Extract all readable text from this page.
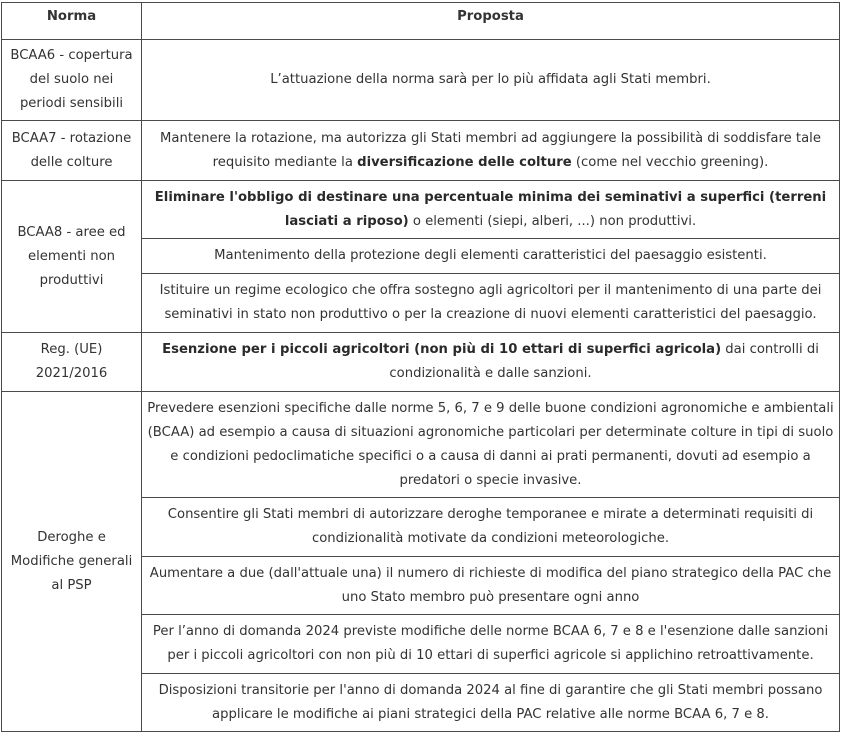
Norma	Proposta
BCAA6 - copertura del suolo nei periodi sensibili	L’attuazione della norma sarà per lo più affidata agli Stati membri.
BCAA7 - rotazione delle colture	Mantenere la rotazione, ma autorizza gli Stati membri ad aggiungere la possibilità di soddisfare tale requisito mediante la diversificazione delle colture (come nel vecchio greening).
BCAA8 - aree ed elementi non produttivi	Eliminare l'obbligo di destinare una percentuale minima dei seminativi a superfici (terreni lasciati a riposo) o elementi (siepi, alberi, ...) non produttivi.
	Mantenimento della protezione degli elementi caratteristici del paesaggio esistenti.
	Istituire un regime ecologico che offra sostegno agli agricoltori per il mantenimento di una parte dei seminativi in stato non produttivo o per la creazione di nuovi elementi caratteristici del paesaggio.
Reg. (UE) 2021/2016	Esenzione per i piccoli agricoltori (non più di 10 ettari di superfici agricola) dai controlli di condizionalità e dalle sanzioni.
Deroghe e Modifiche generali al PSP	Prevedere esenzioni specifiche dalle norme 5, 6, 7 e 9 delle buone condizioni agronomiche e ambientali (BCAA) ad esempio a causa di situazioni agronomiche particolari per determinate colture in tipi di suolo e condizioni pedoclimatiche specifici o a causa di danni ai prati permanenti, dovuti ad esempio a predatori o specie invasive.
	Consentire gli Stati membri di autorizzare deroghe temporanee e mirate a determinati requisiti di condizionalità motivate da condizioni meteorologiche.
	Aumentare a due (dall'attuale una) il numero di richieste di modifica del piano strategico della PAC che uno Stato membro può presentare ogni anno
	Per l’anno di domanda 2024 previste modifiche delle norme BCAA 6, 7 e 8 e l'esenzione dalle sanzioni per i piccoli agricoltori con non più di 10 ettari di superfici agricole si applichino retroattivamente.
	Disposizioni transitorie per l'anno di domanda 2024 al fine di garantire che gli Stati membri possano applicare le modifiche ai piani strategici della PAC relative alle norme BCAA 6, 7 e 8.
